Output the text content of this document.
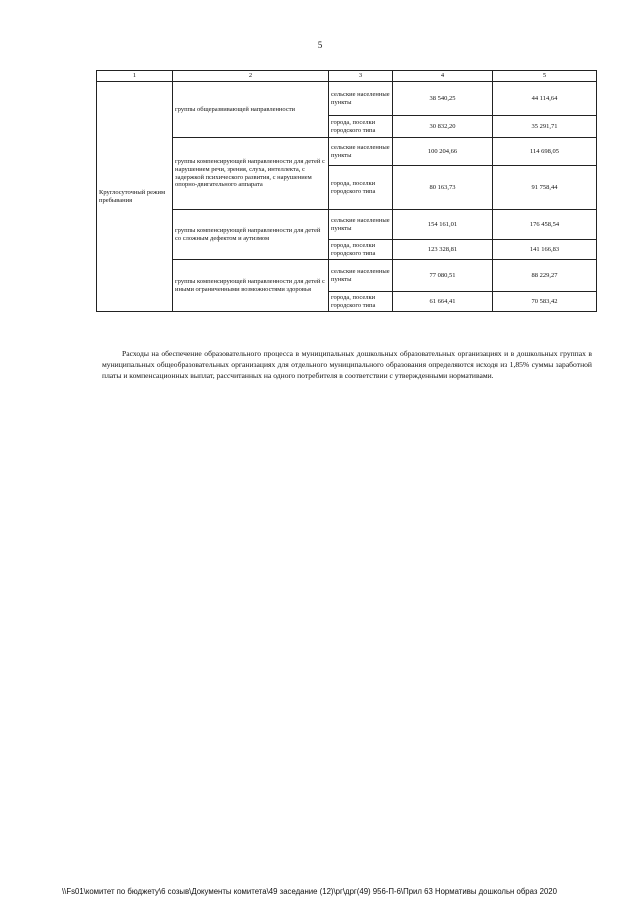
5
1	2	3	4	5
Круглосуточный режим пребывания	группы общеразвивающей направленности	сельские населенные пункты	38 540,25	44 114,64
		города, поселки городского типа	30 832,20	35 291,71
	группы компенсирующей направленности для детей с нарушением речи, зрения, слуха, интеллекта, с задержкой психического развития, с нарушением опорно-двигательного аппарата	сельские населенные пункты	100 204,66	114 698,05
		города, поселки городского типа	80 163,73	91 758,44
	группы компенсирующей направленности для детей со сложным дефектом и аутизмом	сельские населенные пункты	154 161,01	176 458,54
		города, поселки городского типа	123 328,81	141 166,83
	группы компенсирующей направленности для детей с иными ограниченными возможностями здоровья	сельские населенные пункты	77 080,51	88 229,27
		города, поселки городского типа	61 664,41	70 583,42

Расходы на обеспечение образовательного процесса в муниципальных дошкольных образовательных организациях и в дошкольных группах в муниципальных общеобразовательных организациях для отдельного муниципального образования определяются исходя из 1,85% суммы заработной платы и компенсационных выплат, рассчитанных на одного потребителя в соответствии с утвержденными нормативами.

\\Fs01\комитет по бюджету\6 созыв\Документы комитета\49 заседание (12)\рг\дрг(49) 956-П-6\Прил 63 Нормативы дошкольн образ 2020
